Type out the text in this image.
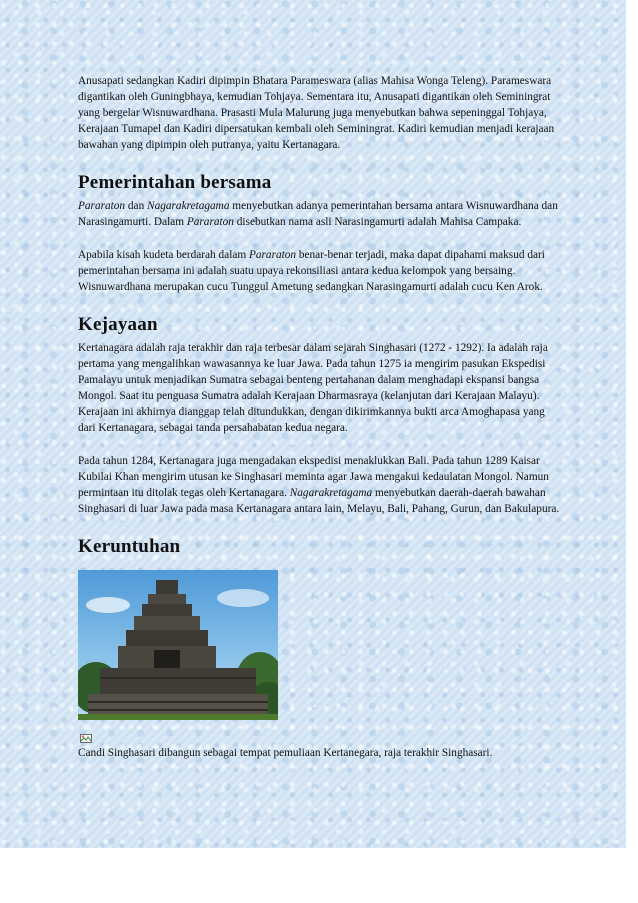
Anusapati sedangkan Kadiri dipimpin Bhatara Parameswara (alias Mahisa Wonga Teleng). Parameswara digantikan oleh Guningbhaya, kemudian Tohjaya. Sementara itu, Anusapati digantikan oleh Seminingrat yang bergelar Wisnuwardhana. Prasasti Mula Malurung juga menyebutkan bahwa sepeninggal Tohjaya, Kerajaan Tumapel dan Kadiri dipersatukan kembali oleh Seminingrat. Kadiri kemudian menjadi kerajaan bawahan yang dipimpin oleh putranya, yaitu Kertanagara.

Pemerintahan bersama

Pararaton dan Nagarakretagama menyebutkan adanya pemerintahan bersama antara Wisnuwardhana dan Narasingamurti. Dalam Pararaton disebutkan nama asli Narasingamurti adalah Mahisa Campaka.

Apabila kisah kudeta berdarah dalam Pararaton benar-benar terjadi, maka dapat dipahami maksud dari pemerintahan bersama ini adalah suatu upaya rekonsiliasi antara kedua kelompok yang bersaing. Wisnuwardhana merupakan cucu Tunggul Ametung sedangkan Narasingamurti adalah cucu Ken Arok.

Kejayaan

Kertanagara adalah raja terakhir dan raja terbesar dalam sejarah Singhasari (1272 - 1292). Ia adalah raja pertama yang mengalihkan wawasannya ke luar Jawa. Pada tahun 1275 ia mengirim pasukan Ekspedisi Pamalayu untuk menjadikan Sumatra sebagai benteng pertahanan dalam menghadapi ekspansi bangsa Mongol. Saat itu penguasa Sumatra adalah Kerajaan Dharmasraya (kelanjutan dari Kerajaan Malayu). Kerajaan ini akhirnya dianggap telah ditundukkan, dengan dikirimkannya bukti arca Amoghapasa yang dari Kertanagara, sebagai tanda persahabatan kedua negara.

Pada tahun 1284, Kertanagara juga mengadakan ekspedisi menaklukkan Bali. Pada tahun 1289 Kaisar Kubilai Khan mengirim utusan ke Singhasari meminta agar Jawa mengakui kedaulatan Mongol. Namun permintaan itu ditolak tegas oleh Kertanagara. Nagarakretagama menyebutkan daerah-daerah bawahan Singhasari di luar Jawa pada masa Kertanagara antara lain, Melayu, Bali, Pahang, Gurun, dan Bakulapura.

Keruntuhan

Candi Singhasari dibangun sebagai tempat pemuliaan Kertanegara, raja terakhir Singhasari.
